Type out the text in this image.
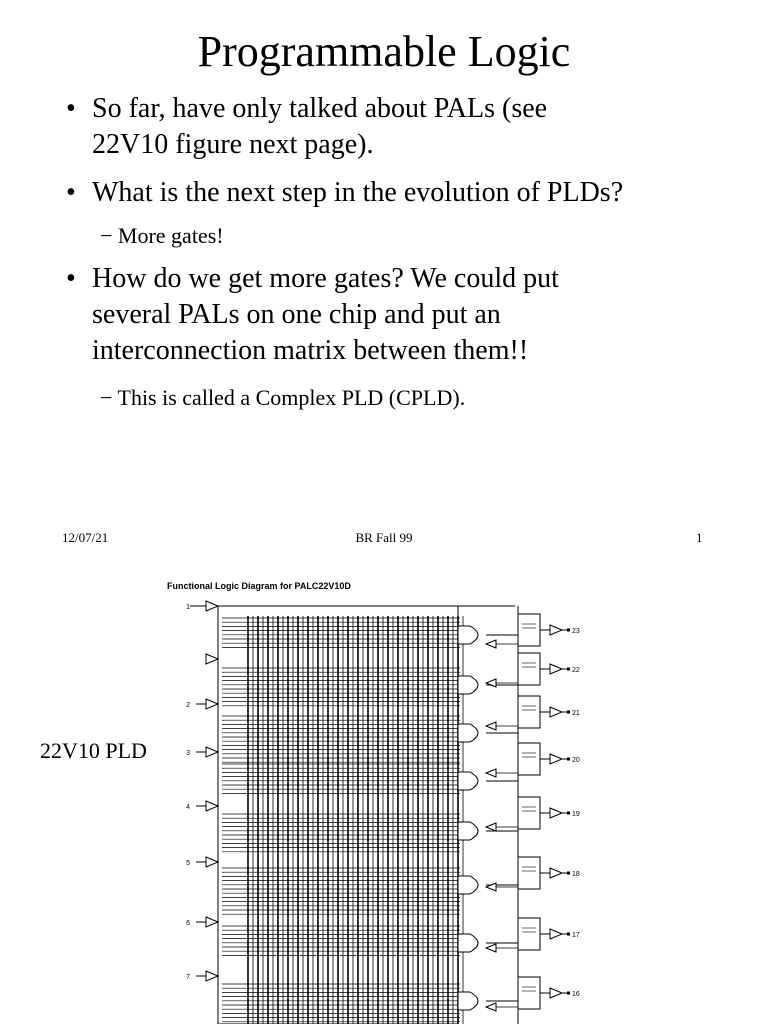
Programmable Logic
• So far, have only talked about PALs (see
22V10 figure next page).
• What is the next step in the evolution of PLDs?
− More gates!
• How do we get more gates? We could put
several PALs on one chip and put an
interconnection matrix between them!!
− This is called a Complex PLD (CPLD).
12/07/21	BR Fall 99	1
22V10 PLD
Functional Logic Diagram for PALC22V10D
1
2
3
4
5
6
7
23
22
21
20
19
18
17
16
